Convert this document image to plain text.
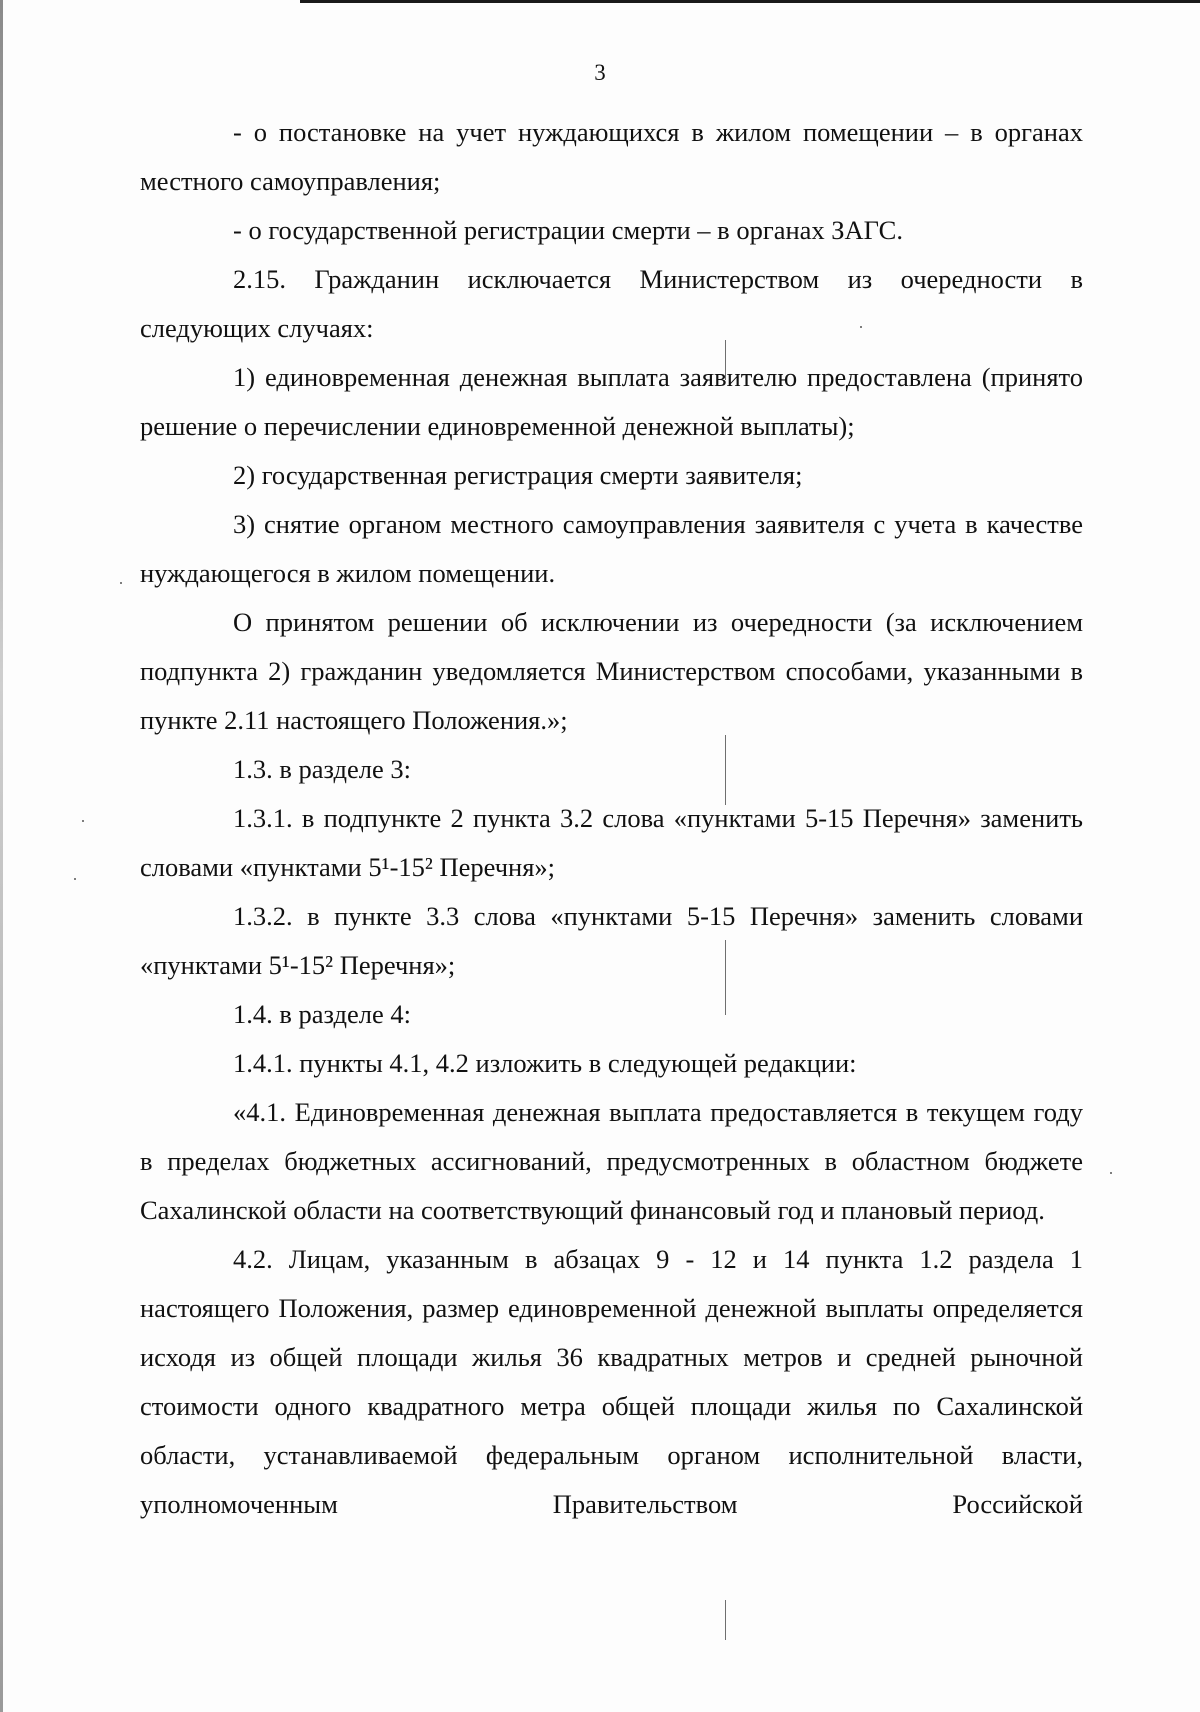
3

- о постановке на учет нуждающихся в жилом помещении – в органах местного самоуправления;

- о государственной регистрации смерти – в органах ЗАГС.

2.15. Гражданин исключается Министерством из очередности в следующих случаях:

1) единовременная денежная выплата заявителю предоставлена (принято решение о перечислении единовременной денежной выплаты);

2) государственная регистрация смерти заявителя;

3) снятие органом местного самоуправления заявителя с учета в качестве нуждающегося в жилом помещении.

О принятом решении об исключении из очередности (за исключением подпункта 2) гражданин уведомляется Министерством способами, указанными в пункте 2.11 настоящего Положения.»;

1.3. в разделе 3:

1.3.1. в подпункте 2 пункта 3.2 слова «пунктами 5-15 Перечня» заменить словами «пунктами 5¹-15² Перечня»;

1.3.2. в пункте 3.3 слова «пунктами 5-15 Перечня» заменить словами «пунктами 5¹-15² Перечня»;

1.4. в разделе 4:

1.4.1. пункты 4.1, 4.2 изложить в следующей редакции:

«4.1. Единовременная денежная выплата предоставляется в текущем году в пределах бюджетных ассигнований, предусмотренных в областном бюджете Сахалинской области на соответствующий финансовый год и плановый период.

4.2. Лицам, указанным в абзацах 9 - 12 и 14 пункта 1.2 раздела 1 настоящего Положения, размер единовременной денежной выплаты определяется исходя из общей площади жилья 36 квадратных метров и средней рыночной стоимости одного квадратного метра общей площади жилья по Сахалинской области, устанавливаемой федеральным органом исполнительной власти, уполномоченным Правительством Российской
